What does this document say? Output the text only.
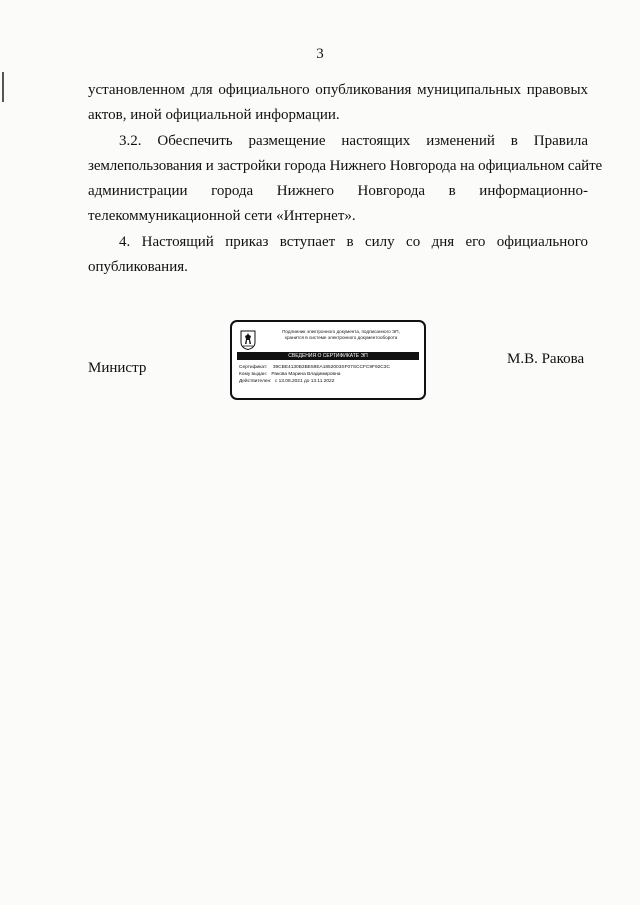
3
установленном для официального опубликования муниципальных правовых
актов, иной официальной информации.
3.2. Обеспечить размещение настоящих изменений в Правила
землепользования и застройки города Нижнего Новгорода на официальном сайте
администрации города Нижнего Новгорода в информационно-
телекоммуникационной сети «Интернет».
4. Настоящий приказ вступает в силу со дня его официального
опубликования.
Министр
М.В. Ракова
Подлинник электронного документа, подписанного ЭП,
хранится в системе электронного документооборота
СВЕДЕНИЯ О СЕРТИФИКАТЕ ЭП
Сертификат: 39CBE4130B3BE59EA1852003SF07SCCFC9F92C3C
Кому выдан: Ракова Марина Владимировна
Действителен: с 13.08.2021 до 13.11.2022
